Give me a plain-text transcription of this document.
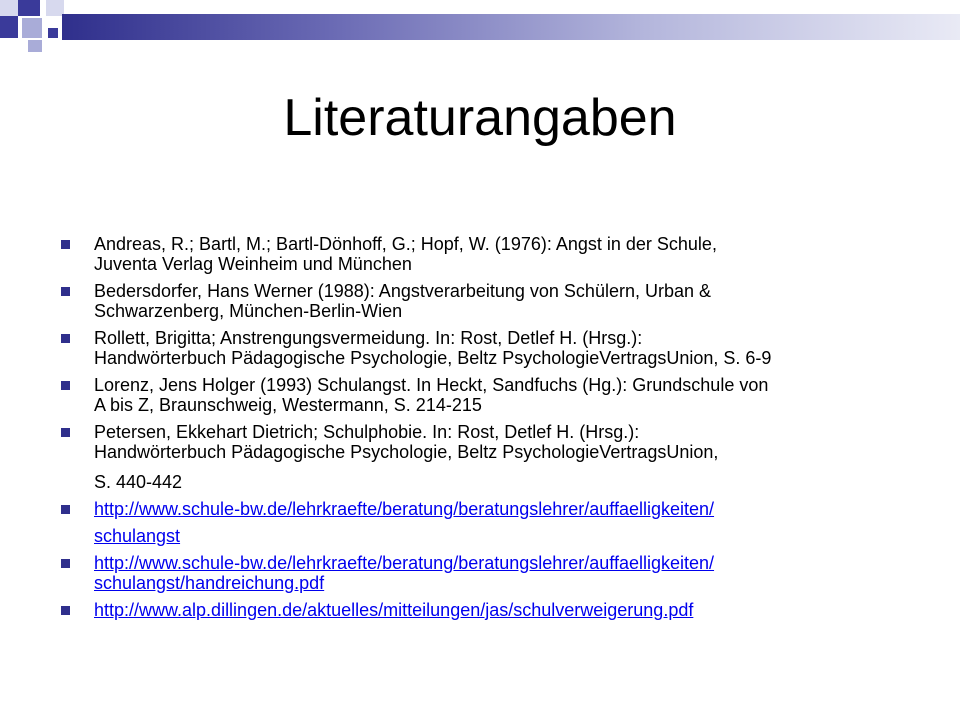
Literaturangaben
Andreas, R.; Bartl, M.; Bartl-Dönhoff, G.; Hopf, W. (1976): Angst in der Schule,
Juventa Verlag Weinheim und München
Bedersdorfer, Hans Werner (1988): Angstverarbeitung von Schülern, Urban &
Schwarzenberg, München-Berlin-Wien
Rollett, Brigitta; Anstrengungsvermeidung. In: Rost, Detlef H. (Hrsg.):
Handwörterbuch Pädagogische Psychologie, Beltz PsychologieVertragsUnion, S. 6-9
Lorenz, Jens Holger (1993) Schulangst. In Heckt, Sandfuchs (Hg.): Grundschule von
A bis Z, Braunschweig, Westermann, S. 214-215
Petersen, Ekkehart Dietrich; Schulphobie. In: Rost, Detlef H. (Hrsg.):
Handwörterbuch Pädagogische Psychologie, Beltz PsychologieVertragsUnion,
S. 440-442
http://www.schule-bw.de/lehrkraefte/beratung/beratungslehrer/auffaelligkeiten/
schulangst
http://www.schule-bw.de/lehrkraefte/beratung/beratungslehrer/auffaelligkeiten/
schulangst/handreichung.pdf
http://www.alp.dillingen.de/aktuelles/mitteilungen/jas/schulverweigerung.pdf
